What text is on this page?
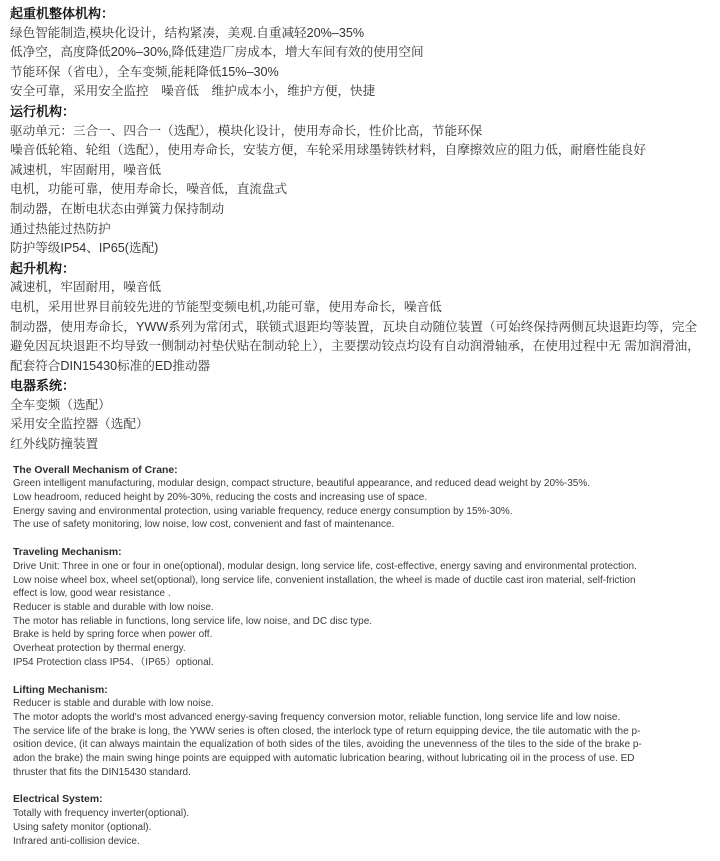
起重机整体机构：
绿色智能制造,模块化设计，结构紧凑，美观.自重减轻20%–35%
低净空，高度降低20%–30%,降低建造厂房成本，增大车间有效的使用空间
节能环保（省电），全车变频,能耗降低15%–30%
安全可靠，采用安全监控　噪音低　维护成本小，维护方便，快捷
运行机构：
驱动单元：三合一、四合一（选配），模块化设计，使用寿命长，性价比高，节能环保
噪音低轮箱、轮组（选配），使用寿命长，安装方便，车轮采用球墨铸铁材料，自摩擦效应的阻力低，耐磨性能良好
减速机，牢固耐用，噪音低
电机，功能可靠，使用寿命长，噪音低，直流盘式
制动器，在断电状态由弹簧力保持制动
通过热能过热防护
防护等级IP54、IP65(选配)
起升机构：
减速机，牢固耐用，噪音低
电机，采用世界目前较先进的节能型变频电机,功能可靠，使用寿命长，噪音低
制动器，使用寿命长，YWW系列为常闭式，联锁式退距均等装置，瓦块自动随位装置（可始终保持两侧瓦块退距均等，完全
避免因瓦块退距不均导致一侧制动衬垫伏贴在制动轮上），主要摆动铰点均设有自动润滑轴承，在使用过程中无 需加润滑油，
配套符合DIN15430标准的ED推动器
电器系统：
全车变频（选配）
采用安全监控器（选配）
红外线防撞装置
The Overall Mechanism of Crane:
Green intelligent manufacturing, modular design, compact structure, beautiful appearance, and reduced dead weight by 20%-35%.
Low headroom, reduced height by 20%-30%, reducing the costs and increasing use of space.
Energy saving and environmental protection, using variable frequency, reduce energy consumption by 15%-30%.
The use of safety monitoring, low noise, low cost, convenient and fast of maintenance.
Traveling Mechanism:
Drive Unit: Three in one or four in one(optional), modular design, long service life, cost-effective, energy saving and environmental protection.
Low noise wheel box, wheel set(optional), long service life, convenient installation, the wheel is made of ductile cast iron material, self-friction
effect is low, good wear resistance .
Reducer is stable and durable with low noise.
The motor has reliable in functions, long service life, low noise, and DC disc type.
Brake is held by spring force when power off.
Overheat protection by thermal energy.
IP54 Protection class IP54、（IP65）optional.
Lifting Mechanism:
Reducer is stable and durable with low noise.
The motor adopts the world's most advanced energy-saving frequency conversion motor, reliable function, long service life and low noise.
The service life of the brake is long, the YWW series is often closed, the interlock type of return equipping device, the tile automatic with the p-
osition device, (it can always maintain the equalization of both sides of the tiles, avoiding the unevenness of the tiles to the side of the brake p-
adon the brake) the main swing hinge points are equipped with automatic lubrication bearing, without lubricating oil in the process of use. ED
thruster that fits the DIN15430 standard.
Electrical System:
Totally with frequency inverter(optional).
Using safety monitor (optional).
Infrared anti-collision device.
